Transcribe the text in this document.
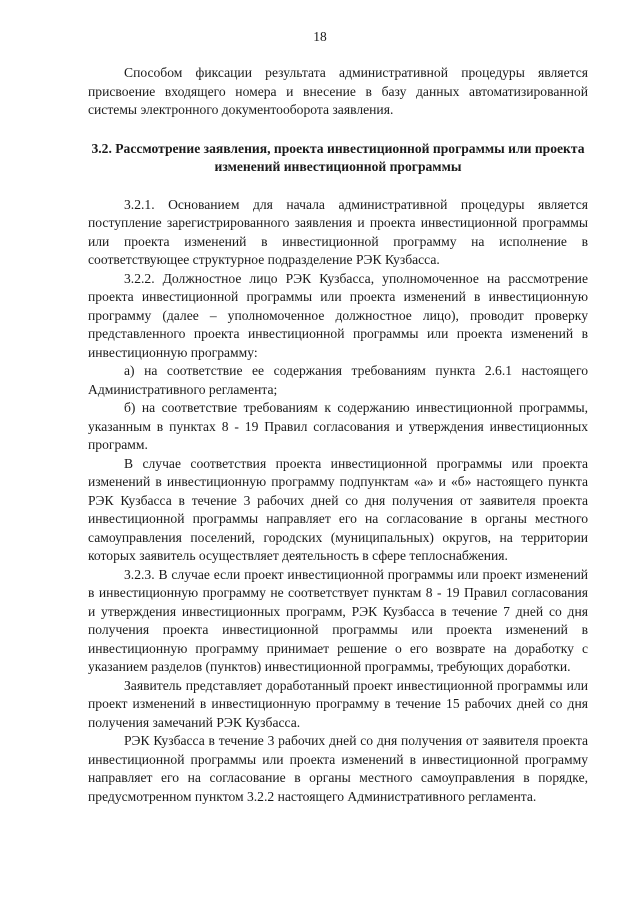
18

Способом фиксации результата административной процедуры является присвоение входящего номера и внесение в базу данных автоматизированной системы электронного документооборота заявления.

3.2. Рассмотрение заявления, проекта инвестиционной программы или проекта изменений инвестиционной программы

3.2.1. Основанием для начала административной процедуры является поступление зарегистрированного заявления и проекта инвестиционной программы или проекта изменений в инвестиционной программу на исполнение в соответствующее структурное подразделение РЭК Кузбасса.

3.2.2. Должностное лицо РЭК Кузбасса, уполномоченное на рассмотрение проекта инвестиционной программы или проекта изменений в инвестиционную программу (далее – уполномоченное должностное лицо), проводит проверку представленного проекта инвестиционной программы или проекта изменений в инвестиционную программу:

а) на соответствие ее содержания требованиям пункта 2.6.1 настоящего Административного регламента;

б) на соответствие требованиям к содержанию инвестиционной программы, указанным в пунктах 8 - 19 Правил согласования и утверждения инвестиционных программ.

В случае соответствия проекта инвестиционной программы или проекта изменений в инвестиционную программу подпунктам «а» и «б» настоящего пункта РЭК Кузбасса в течение 3 рабочих дней со дня получения от заявителя проекта инвестиционной программы направляет его на согласование в органы местного самоуправления поселений, городских (муниципальных) округов, на территории которых заявитель осуществляет деятельность в сфере теплоснабжения.

3.2.3. В случае если проект инвестиционной программы или проект изменений в инвестиционную программу не соответствует пунктам 8 - 19 Правил согласования и утверждения инвестиционных программ, РЭК Кузбасса в течение 7 дней со дня получения проекта инвестиционной программы или проекта изменений в инвестиционную программу принимает решение о его возврате на доработку с указанием разделов (пунктов) инвестиционной программы, требующих доработки.

Заявитель представляет доработанный проект инвестиционной программы или проект изменений в инвестиционную программу в течение 15 рабочих дней со дня получения замечаний РЭК Кузбасса.

РЭК Кузбасса в течение 3 рабочих дней со дня получения от заявителя проекта инвестиционной программы или проекта изменений в инвестиционной программу направляет его на согласование в органы местного самоуправления в порядке, предусмотренном пунктом 3.2.2 настоящего Административного регламента.
